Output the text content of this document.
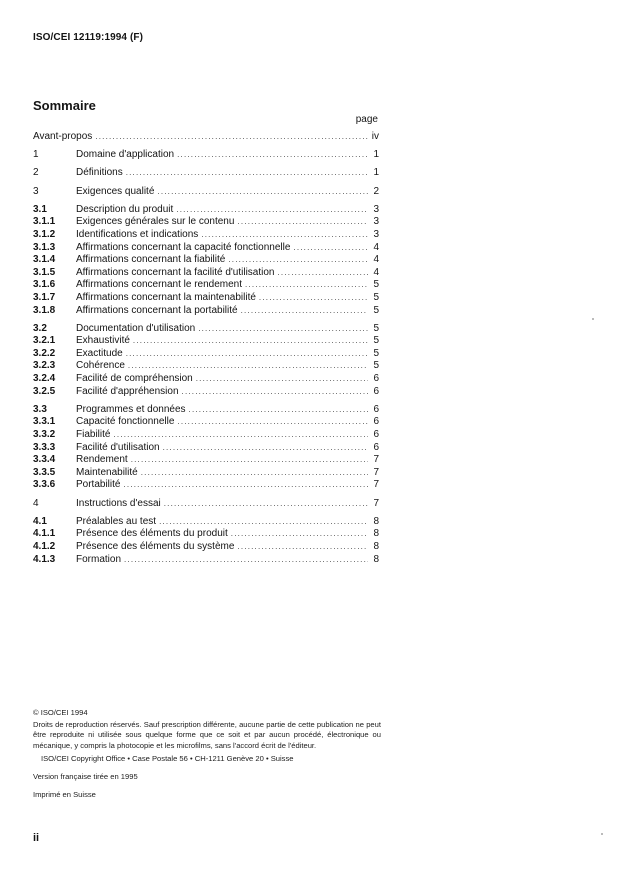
ISO/CEI 12119:1994 (F)
Sommaire
page
Avant-propos .....	iv
1	Domaine d'application .....	1
2	Définitions .....	1
3	Exigences qualité .....	2
3.1	Description du produit .....	3
3.1.1	Exigences générales sur le contenu .....	3
3.1.2	Identifications et indications .....	3
3.1.3	Affirmations concernant la capacité fonctionnelle .....	4
3.1.4	Affirmations concernant la fiabilité .....	4
3.1.5	Affirmations concernant la facilité d'utilisation .....	4
3.1.6	Affirmations concernant le rendement .....	5
3.1.7	Affirmations concernant la maintenabilité .....	5
3.1.8	Affirmations concernant la portabilité .....	5
3.2	Documentation d'utilisation .....	5
3.2.1	Exhaustivité .....	5
3.2.2	Exactitude .....	5
3.2.3	Cohérence .....	5
3.2.4	Facilité de compréhension .....	6
3.2.5	Facilité d'appréhension .....	6
3.3	Programmes et données .....	6
3.3.1	Capacité fonctionnelle .....	6
3.3.2	Fiabilité .....	6
3.3.3	Facilité d'utilisation .....	6
3.3.4	Rendement .....	7
3.3.5	Maintenabilité .....	7
3.3.6	Portabilité .....	7
4	Instructions d'essai .....	7
4.1	Préalables au test .....	8
4.1.1	Présence des éléments du produit .....	8
4.1.2	Présence des éléments du système .....	8
4.1.3	Formation .....	8

© ISO/CEI 1994

Droits de reproduction réservés. Sauf prescription différente, aucune partie de cette publication ne peut être reproduite ni utilisée sous quelque forme que ce soit et par aucun procédé, électronique ou mécanique, y compris la photocopie et les microfilms, sans l'accord écrit de l'éditeur.

ISO/CEI Copyright Office • Case Postale 56 • CH-1211 Genève 20 • Suisse

Version française tirée en 1995

Imprimé en Suisse

ii
